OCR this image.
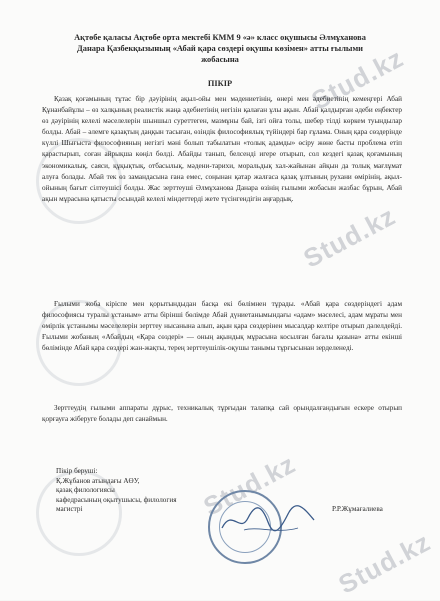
Stud.kz
Stud.kz
Stud.kz
Stud.kz
Ақтөбе қаласы Ақтөбе орта мектебі КММ 9 «ә» класс оқушысы Әлмұханова
Данара Қазбекқызының «Абай қара сөздері оқушы көзімен» атты ғылыми
жобасына
ПІКІР

Қазақ қоғамының тұтас бір дәуірінің ақыл-ойы мен мәдениетінің, өнері мен әдебиетінің кемеңгері Абай Құнанбайұлы – өз халқының реалистік жаңа әдебиетінің негізін қалаған ұлы ақын. Абай қалдырған әдеби еңбектер өз дәуірінің келелі мәселелерін шыншыл суреттеген, мазмұны бай, ізгі ойға толы, шебер тілді көркем туындылар болды. Абай – әлемге қазақтың даңқын тасыған, өзіндік философиялық түйіндері бар ғұлама. Оның қара сөздерінде күллі Шығыста философияның негізгі мәні болып табылатын «толық адамды» өсіру жөне басты проблема етіп қарастырып, соған айрықша көңіл бөлді. Абайды танып, белсенді игере отырып, сол кездегі қазақ қоғамының экономикалық, саяси, құқықтық, отбасылық, мәдени-тарихи, моральдық хал-жайынан айқын да толық мағлұмат алуға болады. Абай тек өз замандасына ғана емес, соңынан қатар жалғаса қазақ ұлтының рухани өмірінің, ақыл-ойының бағыт сілтеушісі болды. Жас зерттеуші Әлмұханова Данара өзінің ғылыми жобасын жазбас бұрын, Абай ақын мұрасына қатысты осындай келелі міндеттерді жете түсінгендігін аңғардық.

Ғылыми жоба кіріспе мен қорытындыдан басқа екі бөлімнен тұрады. «Абай қара сөздеріндегі адам философиясы туралы ұстаным» атты бірінші бөлімде Абай дүниетанымындағы «адам» мәселесі, адам мұраты мен өмірлік ұстанымы мәселелерін зерттеу нысанына алып, ақын қара сөздерінен мысалдар келтіре отырып дәлелдейді. Ғылыми жобаның «Абайдың «Қара сөздері» — оның ақындық мұрасына косылған бағалы қазына» атты екінші бөлімінде Абай қара сөздері жан-жақты, терең зерттеушілік-оқушы танымы тұрғысынан зерделенеді.

Зерттеудің ғылыми аппараты дұрыс, техникалық тұрғыдан талапқа сай орындалғандығын ескере отырып қорғауға жіберуге болады деп санаймын.

Пікір беруші:
Қ.Жұбанов атындағы АӨУ,
қазақ филологиясы
кафедрасының оқытушысы, филология
магистрі	Р.Р.Жұмағалиева
